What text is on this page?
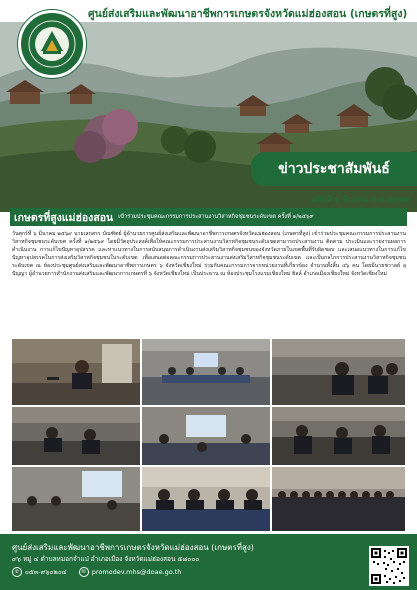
ศูนย์ส่งเสริมและพัฒนาอาชีพการเกษตรจังหวัดแม่ฮ่องสอน (เกษตรที่สูง)
ข่าวประชาสัมพันธ์
ฉบับที่ ๒ มีนาคม พ.ศ.๒๕๖๙
เกษตรที่สูงแม่ฮ่องสอน เข้าร่วมประชุมคณะกรรมการประสานงานวิสาหกิจชุมชนระดับเขต ครั้งที่ ๑/๒๕๖๙
วันศุกร์ที่ ๖ มีนาคม ๒๕๖๙ นายเสกสรร บัณฑิตย์ ผู้อำนวยการศูนย์ส่งเสริมและพัฒนาอาชีพการเกษตรจังหวัดแม่ฮ่องสอน (เกษตรที่สูง) เข้าร่วมประชุมคณะกรรมการประสานงานวิสาหกิจชุมชนระดับเขต ครั้งที่ ๑/๒๕๖๙ โดยมีวัตถุประสงค์เพื่อให้คณะกรรมการประสานงานวิสาหกิจชุมชนระดับเขตสามารถประสานงาน ติดตาม ประเมินและรายงานผลการดำเนินงาน การแก้ไขปัญหาอุปสรรค และหาแนวทางในการสนับสนุนการดำเนินงานส่งเสริมวิสาหกิจชุมชนของจังหวัดภายในเขตพื้นที่รับผิดชอบ และเสนอแนวทางในการแก้ไขปัญหาอุปสรรคในการส่งเสริมวิสาหกิจชุมชนในระดับเขต เพื่อเสนอต่อคณะกรรมการประสานงานส่งเสริมวิสาหกิจชุมชนระดับเขต และเป็นกลไกการประสานงานวิสาหกิจชุมชนระดับเขต ณ ห้องประชุมศูนย์ส่งเสริมและพัฒนาอาชีพการเกษตร ๖ จังหวัดเชียงใหม่ ร่วมกับคณะกรรมการจากหน่วยงานที่เกี่ยวข้อง จำนวนทั้งสิ้น ๔๖ คน โดยมีนายชวาลย์ อุปัญญา ผู้อำนวยการสำนักงานส่งเสริมและพัฒนาการเกษตรที่ ๖ จังหวัดเชียงใหม่ เป็นประธาน ณ ห้องประชุมโรงแรมเชียงใหม่ ฮิลล์ อำเภอเมืองเชียงใหม่ จังหวัดเชียงใหม่
ศูนย์ส่งเสริมและพัฒนาอาชีพการเกษตรจังหวัดแม่ฮ่องสอน (เกษตรที่สูง)
๙๖ หมู่ ๔ ตำบลหมอกจำแป่ อำเภอเมือง จังหวัดแม่ฮ่องสอน ๕๘๐๐๐
✆ ๐๕๓-๙๖๐๒๐๔	✉ promodev.mhs@doae.go.th
